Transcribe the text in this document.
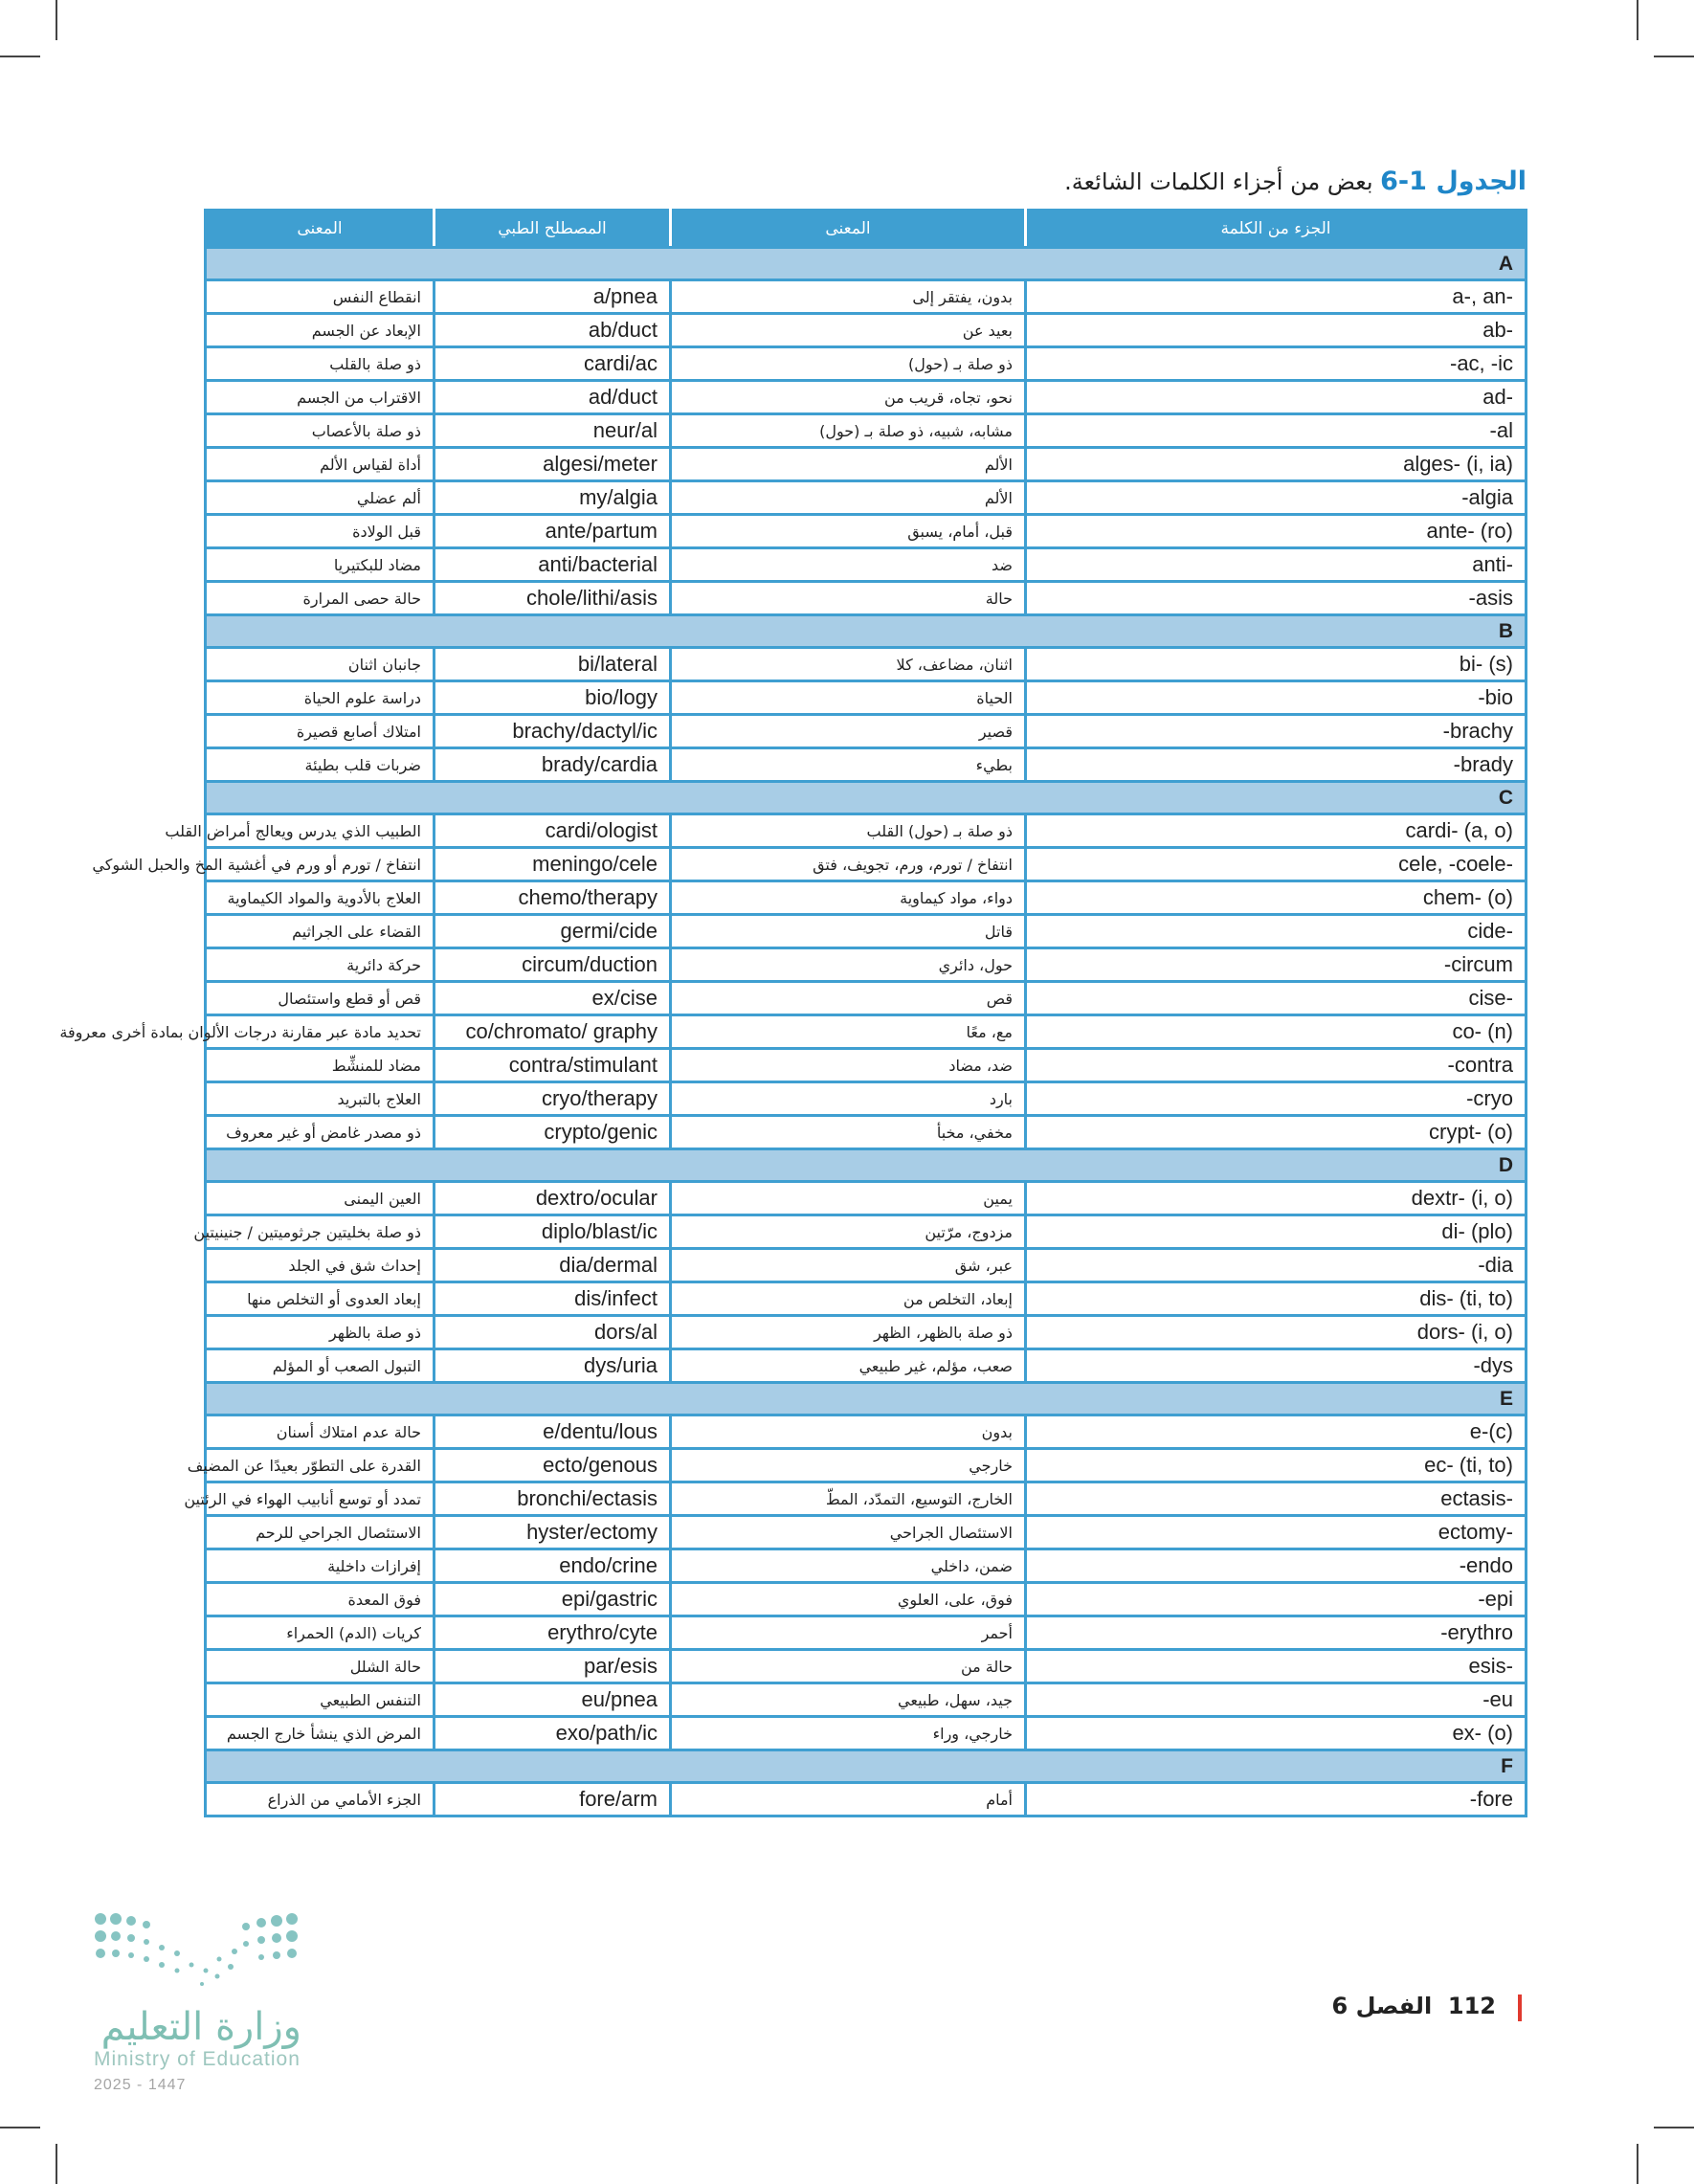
الجدول 1-6 بعض من أجزاء الكلمات الشائعة.
المعنى	المصطلح الطبي	المعنى	الجزء من الكلمة
A			
انقطاع النفس	a/pnea	بدون، يفتقر إلى	a-, an-
الإبعاد عن الجسم	ab/duct	بعيد عن	ab-
ذو صلة بالقلب	cardi/ac	ذو صلة بـ (حول)	-ac, -ic
الاقتراب من الجسم	ad/duct	نحو، تجاه، قريب من	ad-
ذو صلة بالأعصاب	neur/al	مشابه، شبيه، ذو صلة بـ (حول)	-al
أداة لقياس الألم	algesi/meter	الألم	alges- (i, ia)
ألم عضلي	my/algia	الألم	-algia
قبل الولادة	ante/partum	قبل، أمام، يسبق	ante- (ro)
مضاد للبكتيريا	anti/bacterial	ضد	anti-
حالة حصى المرارة	chole/lithi/asis	حالة	-asis
B			
جانبان اثنان	bi/lateral	اثنان، مضاعف، كلا	bi- (s)
دراسة علوم الحياة	bio/logy	الحياة	-bio
امتلاك أصابع قصيرة	brachy/dactyl/ic	قصير	-brachy
ضربات قلب بطيئة	brady/cardia	بطيء	-brady
C			
الطبيب الذي يدرس ويعالج أمراض القلب	cardi/ologist	ذو صلة بـ (حول) القلب	cardi- (a, o)
انتفاخ / تورم أو ورم في أغشية المخ والحبل الشوكي	meningo/cele	انتفاخ / تورم، ورم، تجويف، فتق	cele, -coele-
العلاج بالأدوية والمواد الكيماوية	chemo/therapy	دواء، مواد كيماوية	chem- (o)
القضاء على الجراثيم	germi/cide	قاتل	cide-
حركة دائرية	circum/duction	حول، دائري	-circum
قص أو قطع واستئصال	ex/cise	قص	cise-
تحديد مادة عبر مقارنة درجات الألوان بمادة أخرى معروفة	co/chromato/ graphy	مع، معًا	co- (n)
مضاد للمنشِّط	contra/stimulant	ضد، مضاد	-contra
العلاج بالتبريد	cryo/therapy	بارد	-cryo
ذو مصدر غامض أو غير معروف	crypto/genic	مخفي، مخبأ	crypt- (o)
D			
العين اليمنى	dextro/ocular	يمين	dextr- (i, o)
ذو صلة بخليتين جرثوميتين / جنينيتين	diplo/blast/ic	مزدوج، مرّتين	di- (plo)
إحداث شق في الجلد	dia/dermal	عبر، شق	-dia
إبعاد العدوى أو التخلص منها	dis/infect	إبعاد، التخلص من	dis- (ti, to)
ذو صلة بالظهر	dors/al	ذو صلة بالظهر، الظهر	dors- (i, o)
التبول الصعب أو المؤلم	dys/uria	صعب، مؤلم، غير طبيعي	-dys
E			
حالة عدم امتلاك أسنان	e/dentu/lous	بدون	e-(c)
القدرة على التطوّر بعيدًا عن المضيف	ecto/genous	خارجي	ec- (ti, to)
تمدد أو توسع أنابيب الهواء في الرئتين	bronchi/ectasis	الخارج، التوسيع، التمدّد، المطّ	ectasis-
الاستئصال الجراحي للرحم	hyster/ectomy	الاستئصال الجراحي	ectomy-
إفرازات داخلية	endo/crine	ضمن، داخلي	-endo
فوق المعدة	epi/gastric	فوق، على، العلوي	-epi
كريات (الدم) الحمراء	erythro/cyte	أحمر	-erythro
حالة الشلل	par/esis	حالة من	esis-
التنفس الطبيعي	eu/pnea	جيد، سهل، طبيعي	-eu
المرض الذي ينشأ خارج الجسم	exo/path/ic	خارجي، وراء	ex- (o)
F			
الجزء الأمامي من الذراع	fore/arm	أمام	-fore
112  الفصل 6
وزارة التعليم
Ministry of Education
2025 - 1447
